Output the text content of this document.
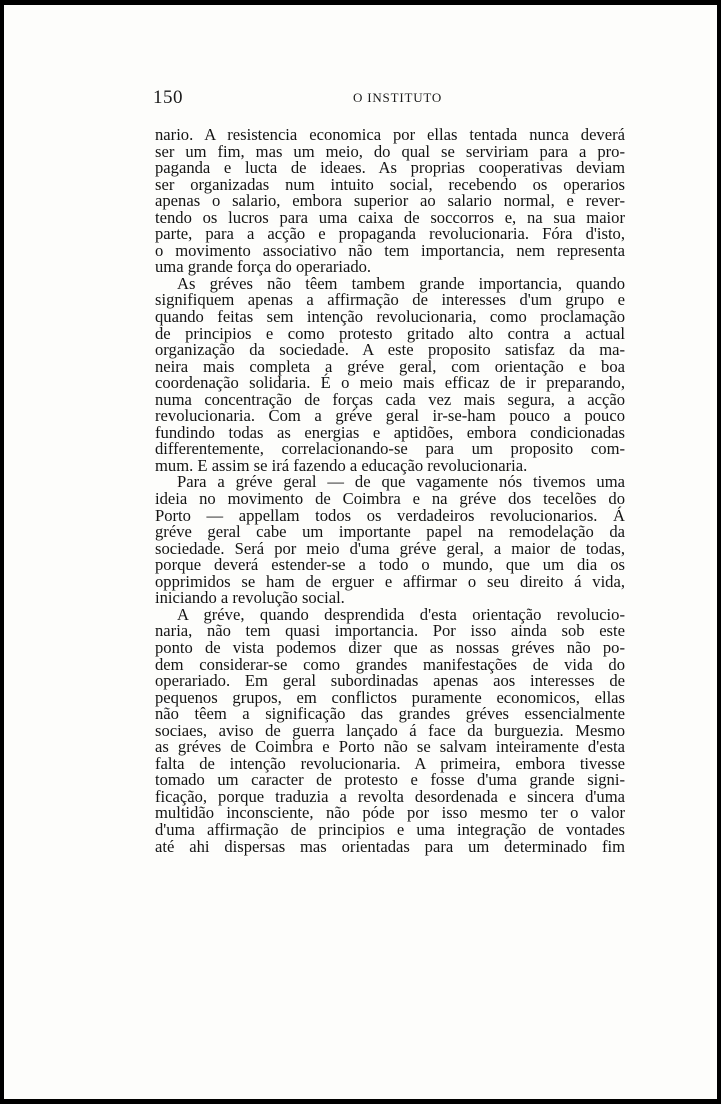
150	O INSTITUTO
nario. A resistencia economica por ellas tentada nunca deverá
ser um fim, mas um meio, do qual se serviriam para a pro-
paganda e lucta de ideaes. As proprias cooperativas deviam
ser organizadas num intuito social, recebendo os operarios
apenas o salario, embora superior ao salario normal, e rever-
tendo os lucros para uma caixa de soccorros e, na sua maior
parte, para a acção e propaganda revolucionaria. Fóra d'isto,
o movimento associativo não tem importancia, nem representa
uma grande força do operariado.
As gréves não têem tambem grande importancia, quando
signifiquem apenas a affirmação de interesses d'um grupo e
quando feitas sem intenção revolucionaria, como proclamação
de principios e como protesto gritado alto contra a actual
organização da sociedade. A este proposito satisfaz da ma-
neira mais completa a gréve geral, com orientação e boa
coordenação solidaria. É o meio mais efficaz de ir preparando,
numa concentração de forças cada vez mais segura, a acção
revolucionaria. Com a gréve geral ir-se-ham pouco a pouco
fundindo todas as energias e aptidões, embora condicionadas
differentemente, correlacionando-se para um proposito com-
mum. E assim se irá fazendo a educação revolucionaria.
Para a gréve geral — de que vagamente nós tivemos uma
ideia no movimento de Coimbra e na gréve dos tecelões do
Porto — appellam todos os verdadeiros revolucionarios. Á
gréve geral cabe um importante papel na remodelação da
sociedade. Será por meio d'uma gréve geral, a maior de todas,
porque deverá estender-se a todo o mundo, que um dia os
opprimidos se ham de erguer e affirmar o seu direito á vida,
iniciando a revolução social.
A gréve, quando desprendida d'esta orientação revolucio-
naria, não tem quasi importancia. Por isso ainda sob este
ponto de vista podemos dizer que as nossas gréves não po-
dem considerar-se como grandes manifestações de vida do
operariado. Em geral subordinadas apenas aos interesses de
pequenos grupos, em conflictos puramente economicos, ellas
não têem a significação das grandes gréves essencialmente
sociaes, aviso de guerra lançado á face da burguezia. Mesmo
as gréves de Coimbra e Porto não se salvam inteiramente d'esta
falta de intenção revolucionaria. A primeira, embora tivesse
tomado um caracter de protesto e fosse d'uma grande signi-
ficação, porque traduzia a revolta desordenada e sincera d'uma
multidão inconsciente, não póde por isso mesmo ter o valor
d'uma affirmação de principios e uma integração de vontades
até ahi dispersas mas orientadas para um determinado fim
